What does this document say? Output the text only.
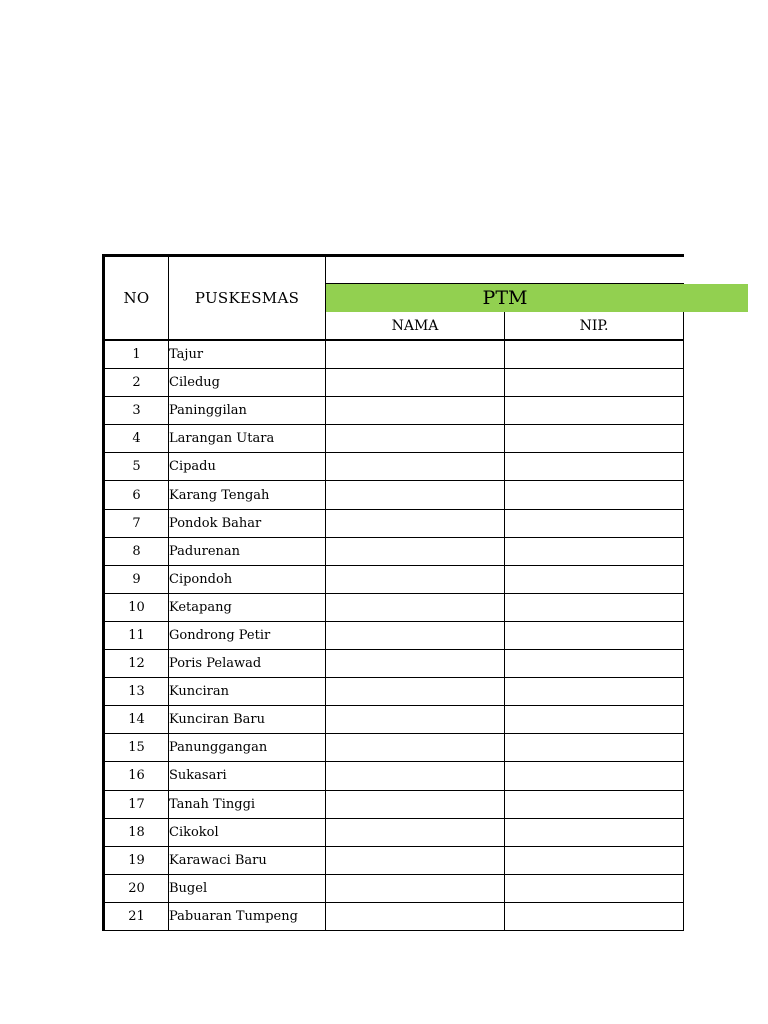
NO	PUSKESMAS	PTM
NAMA	NIP.
1	Tajur
2	Ciledug
3	Paninggilan
4	Larangan Utara
5	Cipadu
6	Karang Tengah
7	Pondok Bahar
8	Padurenan
9	Cipondoh
10	Ketapang
11	Gondrong Petir
12	Poris Pelawad
13	Kunciran
14	Kunciran Baru
15	Panunggangan
16	Sukasari
17	Tanah Tinggi
18	Cikokol
19	Karawaci Baru
20	Bugel
21	Pabuaran Tumpeng
